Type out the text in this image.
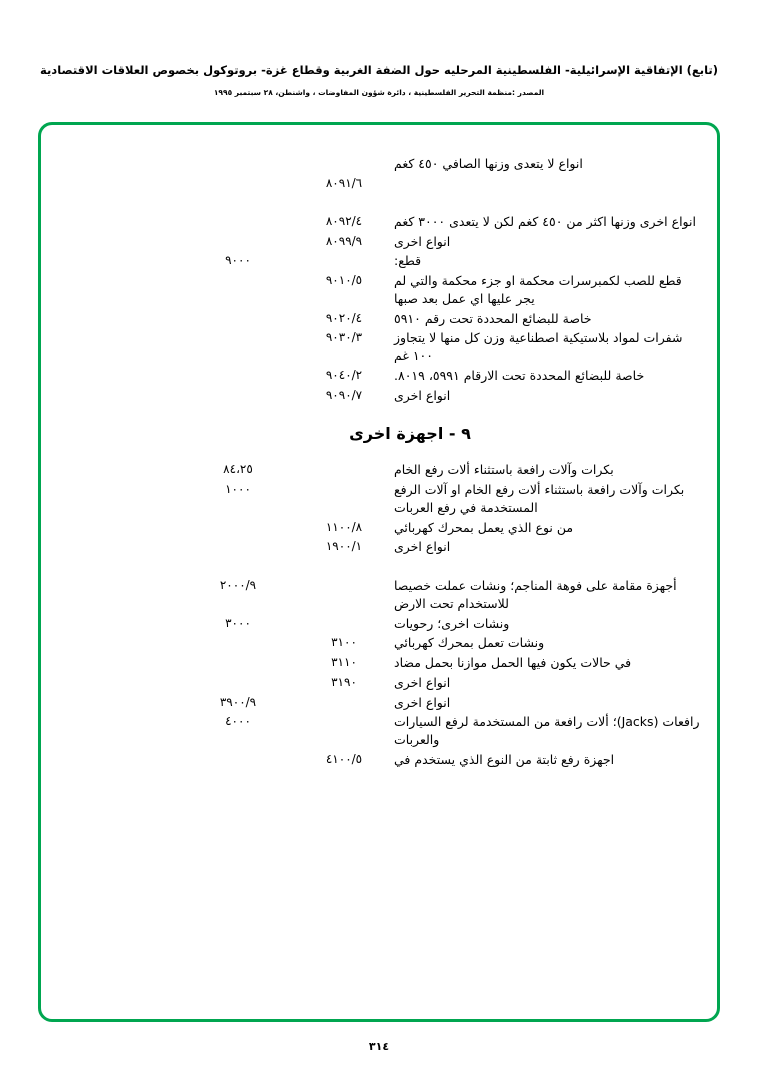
(تابع) الإتفاقية الإسرائيلية- الفلسطينية المرحليه حول الضفة الغربية وقطاع غزة- بروتوكول بخصوص العلاقات الاقتصادية
المصدر :منظمة التحرير الفلسطينية ، دائرة شؤون المفاوضات ، واشنطن، ٢٨ سبتمبر ١٩٩٥
انواع لا يتعدى وزنها الصافي ٤٥٠ كغم
٨٠٩١/٦
انواع اخرى وزنها اكثر من ٤٥٠ كغم لكن لا يتعدى ٣٠٠٠ كغم
٨٠٩٢/٤
انواع اخرى
٨٠٩٩/٩
قطع:
٩٠٠٠
قطع للصب لكمبرسرات محكمة او جزء محكمة والتي لم يجر عليها اي عمل بعد صبها
٩٠١٠/٥
خاصة للبضائع المحددة تحت رقم ٥٩١٠
٩٠٢٠/٤
شفرات لمواد بلاستيكية اصطناعية وزن كل منها لا يتجاوز ١٠٠ غم
٩٠٣٠/٣
خاصة للبضائع المحددة تحت الارقام ٥٩٩١، ٨٠١٩.
٩٠٤٠/٢
انواع اخرى
٩٠٩٠/٧
٩ - اجهزة اخرى
بكرات وآلات رافعة باستثناء ألات رفع الخام
٨٤،٢٥
بكرات وآلات رافعة باستثناء ألات رفع الخام او آلات الرفع المستخدمة في رفع العربات
١٠٠٠
من نوع الذي يعمل بمحرك كهربائي
١١٠٠/٨
انواع اخرى
١٩٠٠/١
أجهزة مقامة على فوهة المناجم؛ ونشات عملت خصيصا للاستخدام تحت الارض
٢٠٠٠/٩
ونشات اخرى؛ رحويات
٣٠٠٠
ونشات تعمل بمحرك كهربائي
٣١٠٠
في حالات يكون فيها الحمل موازنا بحمل مضاد
٣١١٠
انواع اخرى
٣١٩٠
انواع اخرى
٣٩٠٠/٩
رافعات (Jacks)؛ ألات رافعة من المستخدمة لرفع السيارات والعربات
٤٠٠٠
اجهزة رفع ثابتة من النوع الذي يستخدم في
٤١٠٠/٥
٣١٤
